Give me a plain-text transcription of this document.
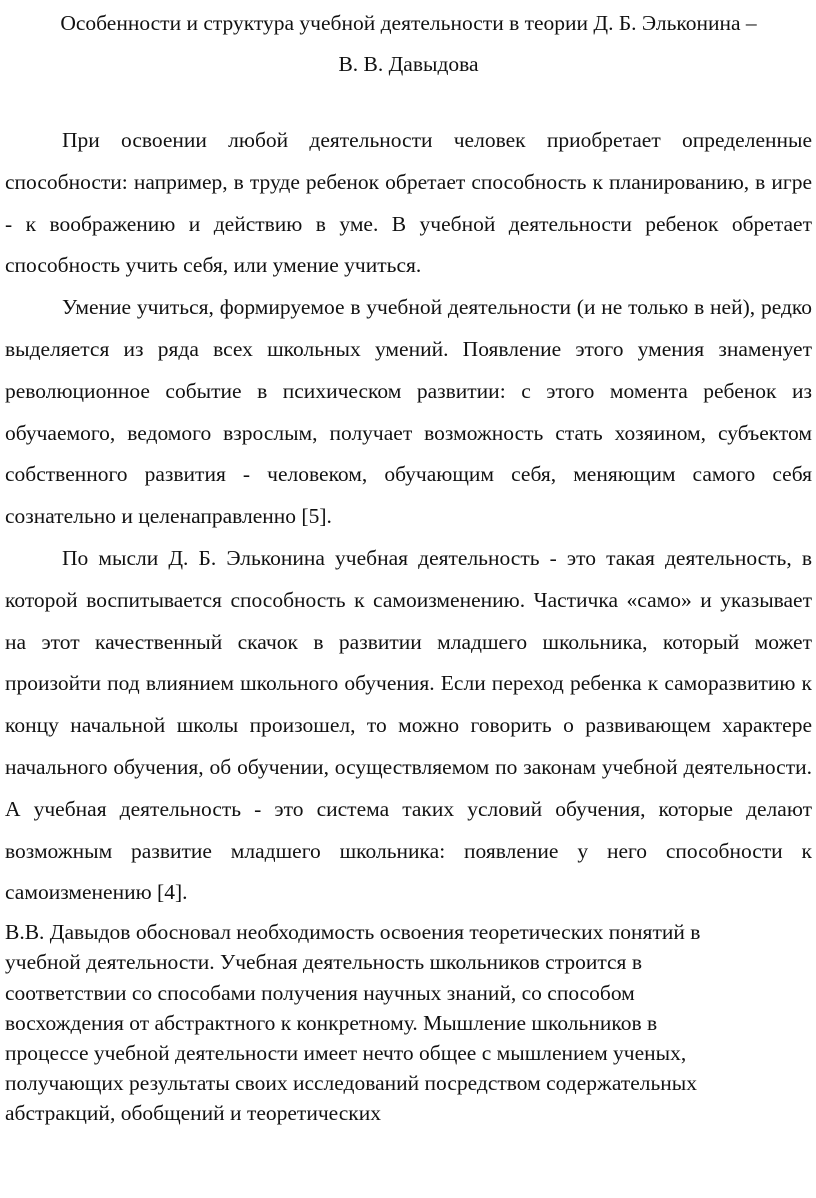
Особенности и структура учебной деятельности в теории Д. Б. Эльконина –
В. В. Давыдова

При освоении любой деятельности человек приобретает определенные способности: например, в труде ребенок обретает способность к планированию, в игре - к воображению и действию в уме. В учебной деятельности ребенок обретает способность учить себя, или умение учиться.

Умение учиться, формируемое в учебной деятельности (и не только в ней), редко выделяется из ряда всех школьных умений. Появление этого умения знаменует революционное событие в психическом развитии: с этого момента ребенок из обучаемого, ведомого взрослым, получает возможность стать хозяином, субъектом собственного развития - человеком, обучающим себя, меняющим самого себя сознательно и целенаправленно [5].

По мысли Д. Б. Эльконина учебная деятельность - это такая деятельность, в которой воспитывается способность к самоизменению. Частичка «само» и указывает на этот качественный скачок в развитии младшего школьника, который может произойти под влиянием школьного обучения. Если переход ребенка к саморазвитию к концу начальной школы произошел, то можно говорить о развивающем характере начального обучения, об обучении, осуществляемом по законам учебной деятельности. А учебная деятельность - это система таких условий обучения, которые делают возможным развитие младшего школьника: появление у него способности к самоизменению [4].

В.В. Давыдов обосновал необходимость освоения теоретических понятий в
учебной деятельности. Учебная деятельность школьников строится в
соответствии со способами получения научных знаний, со способом
восхождения от абстрактного к конкретному. Мышление школьников в
процессе учебной деятельности имеет нечто общее с мышлением ученых,
получающих результаты своих исследований посредством содержательных
абстракций, обобщений и теоретических
